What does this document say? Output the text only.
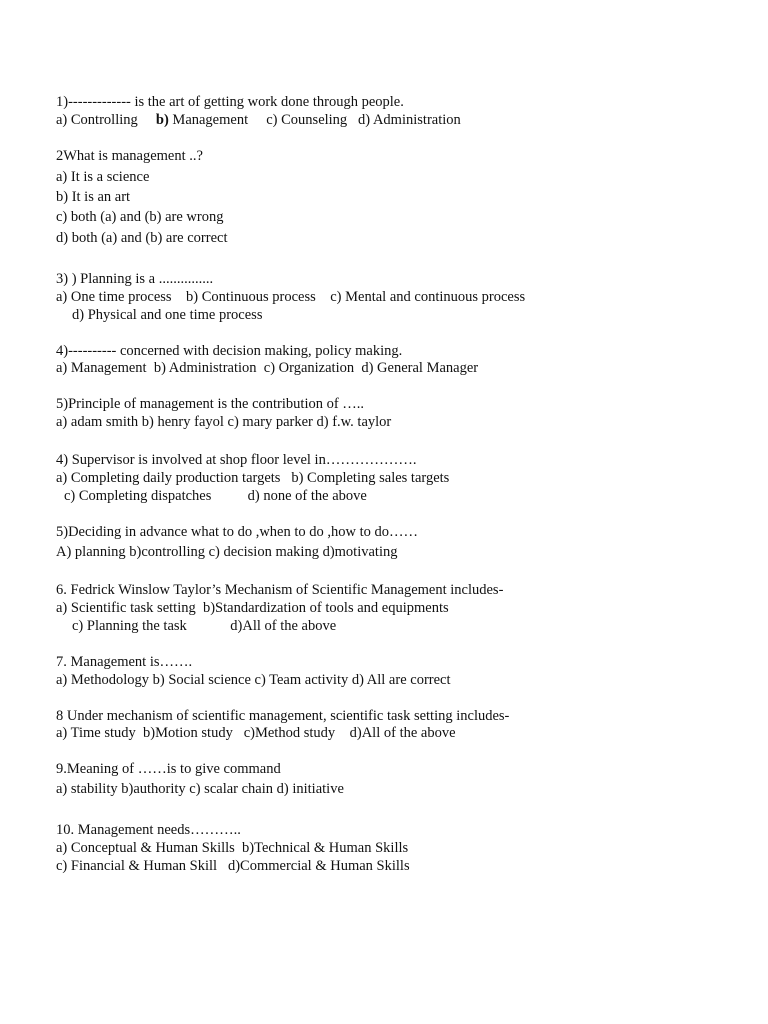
1)------------- is the art of getting work done through people.
a) Controlling     b) Management     c) Counseling   d) Administration
2What is management ..?
a) It is a science
b) It is an art
c) both (a) and (b) are wrong
d) both (a) and (b) are correct
3) ) Planning is a ...............
a) One time process    b) Continuous process    c) Mental and continuous process
d) Physical and one time process
4)---------- concerned with decision making, policy making.
a) Management  b) Administration  c) Organization  d) General Manager
5)Principle of management is the contribution of …..
a) adam smith b) henry fayol c) mary parker d) f.w. taylor
4) Supervisor is involved at shop floor level in……………….
a) Completing daily production targets   b) Completing sales targets
c) Completing dispatches          d) none of the above
5)Deciding in advance what to do ,when to do ,how to do……
A) planning b)controlling c) decision making d)motivating
6. Fedrick Winslow Taylor’s Mechanism of Scientific Management includes-
a) Scientific task setting  b)Standardization of tools and equipments
c) Planning the task            d)All of the above
7. Management is…….
a) Methodology b) Social science c) Team activity d) All are correct
8 Under mechanism of scientific management, scientific task setting includes-
a) Time study  b)Motion study   c)Method study    d)All of the above
9.Meaning of ……is to give command
a) stability b)authority c) scalar chain d) initiative
10. Management needs………..
a) Conceptual & Human Skills  b)Technical & Human Skills
c) Financial & Human Skill   d)Commercial & Human Skills
